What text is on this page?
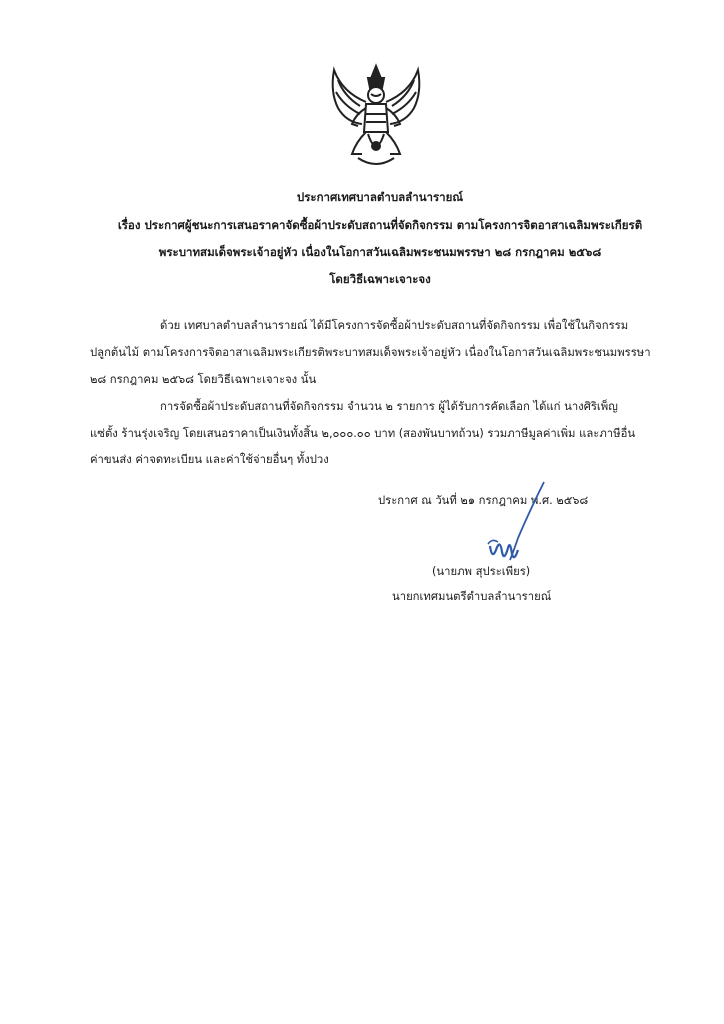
ประกาศเทศบาลตำบลลำนารายณ์
เรื่อง ประกาศผู้ชนะการเสนอราคาจัดซื้อผ้าประดับสถานที่จัดกิจกรรม ตามโครงการจิตอาสาเฉลิมพระเกียรติ
พระบาทสมเด็จพระเจ้าอยู่หัว เนื่องในโอกาสวันเฉลิมพระชนมพรรษา ๒๘ กรกฎาคม ๒๕๖๘
โดยวิธีเฉพาะเจาะจง
ด้วย เทศบาลตำบลลำนารายณ์ ได้มีโครงการจัดซื้อผ้าประดับสถานที่จัดกิจกรรม เพื่อใช้ในกิจกรรม
ปลูกต้นไม้ ตามโครงการจิตอาสาเฉลิมพระเกียรติพระบาทสมเด็จพระเจ้าอยู่หัว เนื่องในโอกาสวันเฉลิมพระชนมพรรษา
๒๘ กรกฎาคม ๒๕๖๘ โดยวิธีเฉพาะเจาะจง นั้น
การจัดซื้อผ้าประดับสถานที่จัดกิจกรรม จำนวน ๒ รายการ ผู้ได้รับการคัดเลือก ได้แก่ นางศิริเพ็ญ
แซ่ตั้ง ร้านรุ่งเจริญ โดยเสนอราคาเป็นเงินทั้งสิ้น ๒,๐๐๐.๐๐ บาท (สองพันบาทถ้วน) รวมภาษีมูลค่าเพิ่ม และภาษีอื่น
ค่าขนส่ง ค่าจดทะเบียน และค่าใช้จ่ายอื่นๆ ทั้งปวง
ประกาศ ณ วันที่ ๒๑ กรกฎาคม พ.ศ. ๒๕๖๘
(นายภพ สุประเพียร)
นายกเทศมนตรีตำบลลำนารายณ์
